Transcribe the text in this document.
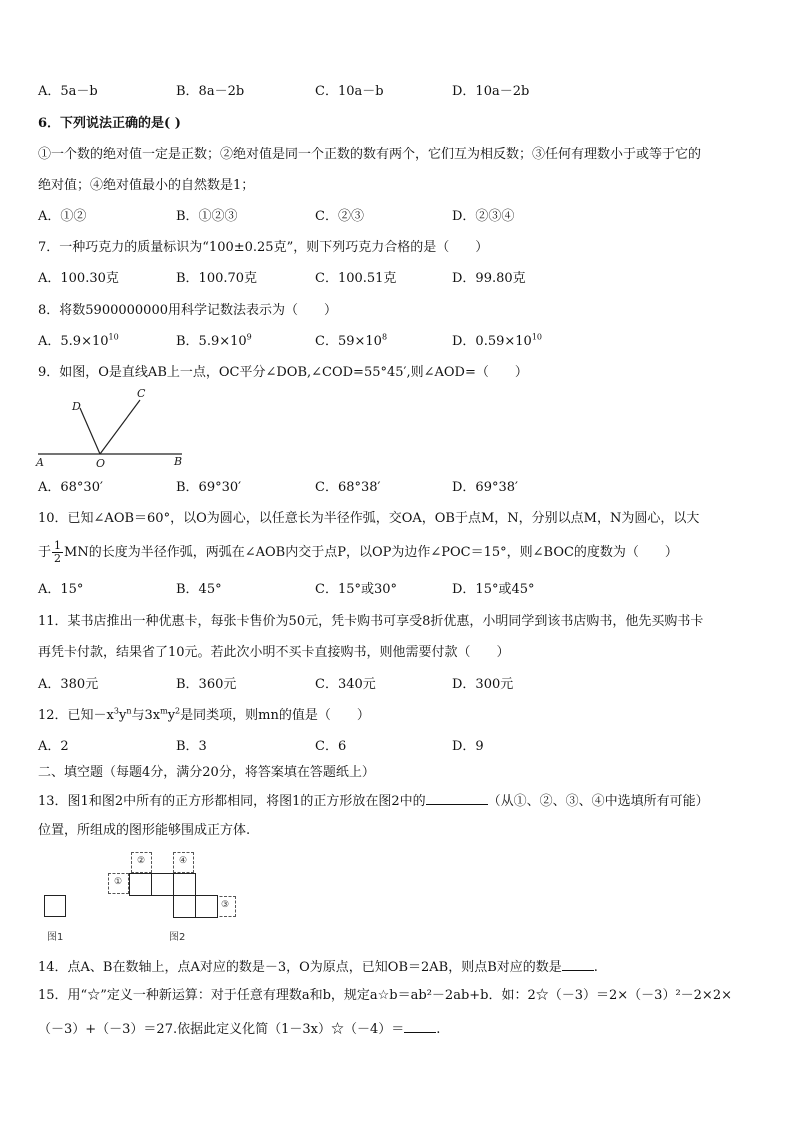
A．5a－b	B．8a－2b	C．10a－b	D．10a－2b
6．下列说法正确的是( )
①一个数的绝对值一定是正数；②绝对值是同一个正数的数有两个，它们互为相反数；③任何有理数小于或等于它的
绝对值；④绝对值最小的自然数是1；
A．①②	B．①②③	C．②③	D．②③④
7．一种巧克力的质量标识为“100±0.25克”，则下列巧克力合格的是（　　）
A．100.30克	B．100.70克	C．100.51克	D．99.80克
8．将数5900000000用科学记数法表示为（　　）
A．$5.9\times 10^{10}$	B．$5.9\times 10^9$	C．$59\times 10^8$	D．$0.59\times 10^{10}$
9．如图，O是直线AB上一点，OC平分∠DOB,∠COD=55°45′,则∠AOD=（　　）
A	O	B
D
C
A．68°30′	B．69°30′	C．68°38′	D．69°38′
10．已知∠AOB＝60°，以O为圆心，以任意长为半径作弧，交OA，OB于点M，N，分别以点M，N为圆心，以大
于 $\frac{1}{2}$ MN的长度为半径作弧，两弧在∠AOB内交于点P，以OP为边作∠POC＝15°，则∠BOC的度数为（　　）
A．15°	B．45°	C．15°或30°	D．15°或45°
11．某书店推出一种优惠卡，每张卡售价为50元，凭卡购书可享受8折优惠，小明同学到该书店购书，他先买购书卡
再凭卡付款，结果省了10元。若此次小明不买卡直接购书，则他需要付款（　　）
A．380元	B．360元	C．340元	D．300元
12．已知$-x^3y^n$与$3x^my^2$是同类项，则mn的值是（　　）
A．2	B．3	C．6	D．9
二、填空题（每题4分，满分20分，将答案填在答题纸上）
13．图1和图2中所有的正方形都相同，将图1的正方形放在图2中的	（从①、②、③、④中选填所有可能）
位置，所组成的图形能够围成正方体.
图1
①
②	④
③
图2
14．点A、B在数轴上，点A对应的数是－3，O为原点，已知OB＝2AB，则点B对应的数是 .
15．用“☆”定义一种新运算：对于任意有理数a和b，规定a☆b＝ab²－2ab+b．如：2☆（－3）＝2×（－3）²－2×2×
（－3）+（－3）＝27.依据此定义化简（1－3x）☆（－4）＝ .
